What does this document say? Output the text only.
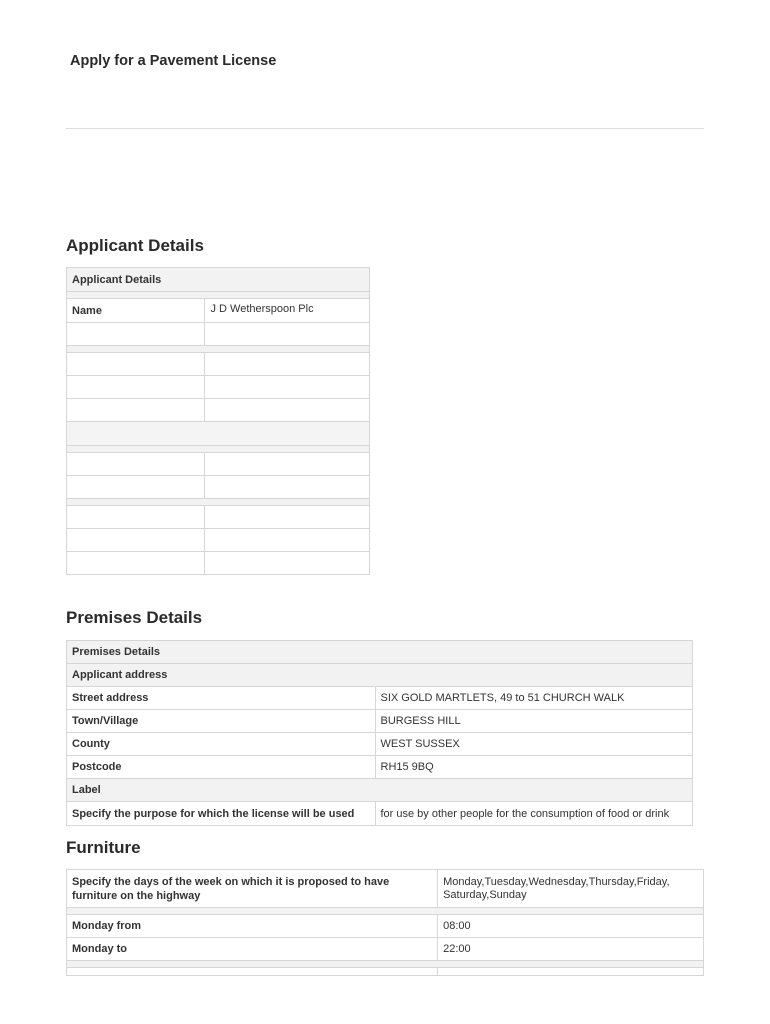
Apply for a Pavement License
Applicant Details
Applicant Details	

Name	J D Wetherspoon Plc

Premises Details
Premises Details	
Applicant address	
Street address	SIX GOLD MARTLETS, 49 to 51 CHURCH WALK
Town/Village	BURGESS HILL
County	WEST SUSSEX
Postcode	RH15 9BQ
Label	
Specify the purpose for which the license will be used	for use by other people for the consumption of food or drink
Furniture
Specify the days of the week on which it is proposed to have furniture on the highway	Monday,Tuesday,Wednesday,Thursday,Friday, Saturday,Sunday

Monday from	08:00
Monday to	22:00
